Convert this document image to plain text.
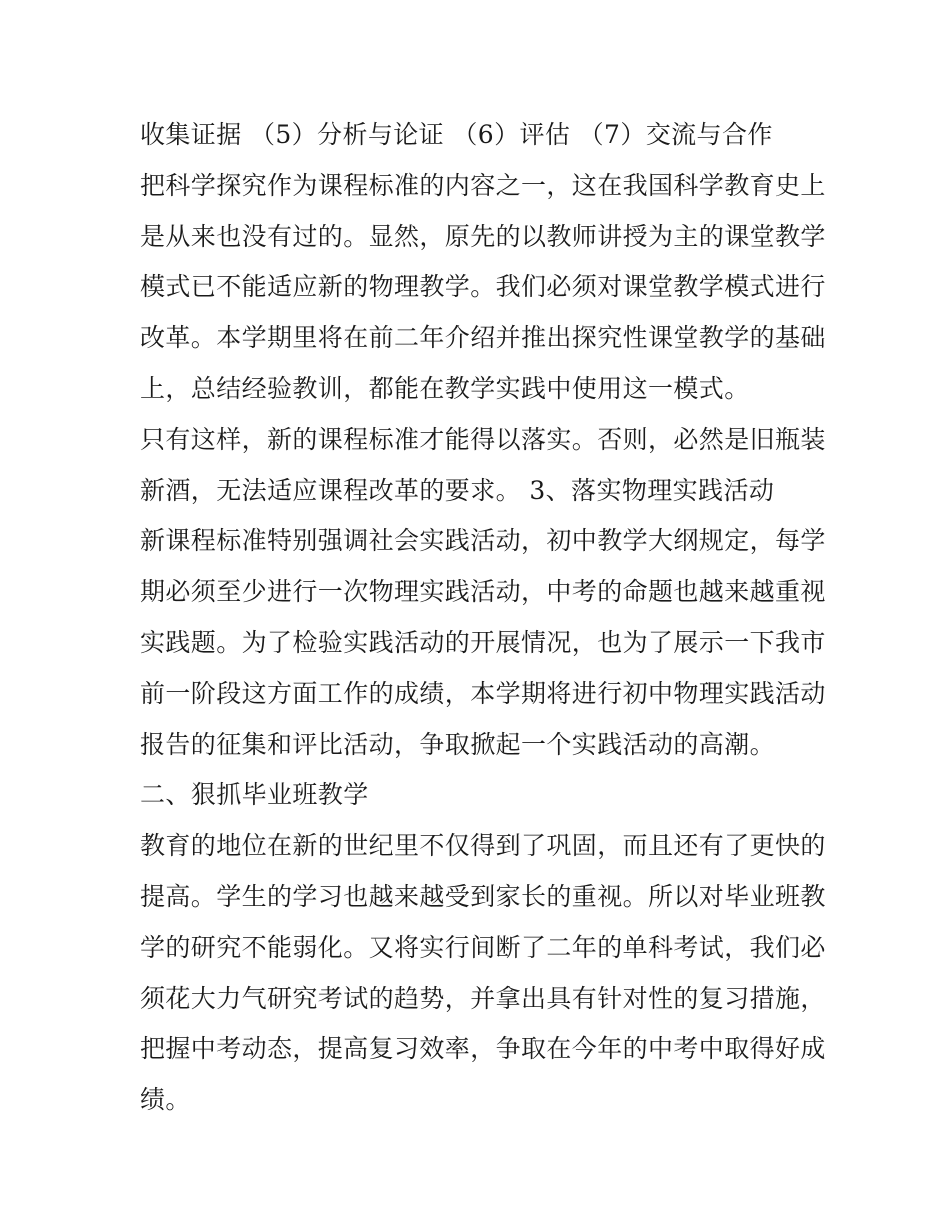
收集证据 （5）分析与论证 （6）评估 （7）交流与合作
把科学探究作为课程标准的内容之一，这在我国科学教育史上
是从来也没有过的。显然，原先的以教师讲授为主的课堂教学
模式已不能适应新的物理教学。我们必须对课堂教学模式进行
改革。本学期里将在前二年介绍并推出探究性课堂教学的基础
上，总结经验教训，都能在教学实践中使用这一模式。
只有这样，新的课程标准才能得以落实。否则，必然是旧瓶装
新酒，无法适应课程改革的要求。 3、落实物理实践活动
新课程标准特别强调社会实践活动，初中教学大纲规定，每学
期必须至少进行一次物理实践活动，中考的命题也越来越重视
实践题。为了检验实践活动的开展情况，也为了展示一下我市
前一阶段这方面工作的成绩，本学期将进行初中物理实践活动
报告的征集和评比活动，争取掀起一个实践活动的高潮。
二、狠抓毕业班教学
教育的地位在新的世纪里不仅得到了巩固，而且还有了更快的
提高。学生的学习也越来越受到家长的重视。所以对毕业班教
学的研究不能弱化。又将实行间断了二年的单科考试，我们必
须花大力气研究考试的趋势，并拿出具有针对性的复习措施，
把握中考动态，提高复习效率，争取在今年的中考中取得好成
绩。
